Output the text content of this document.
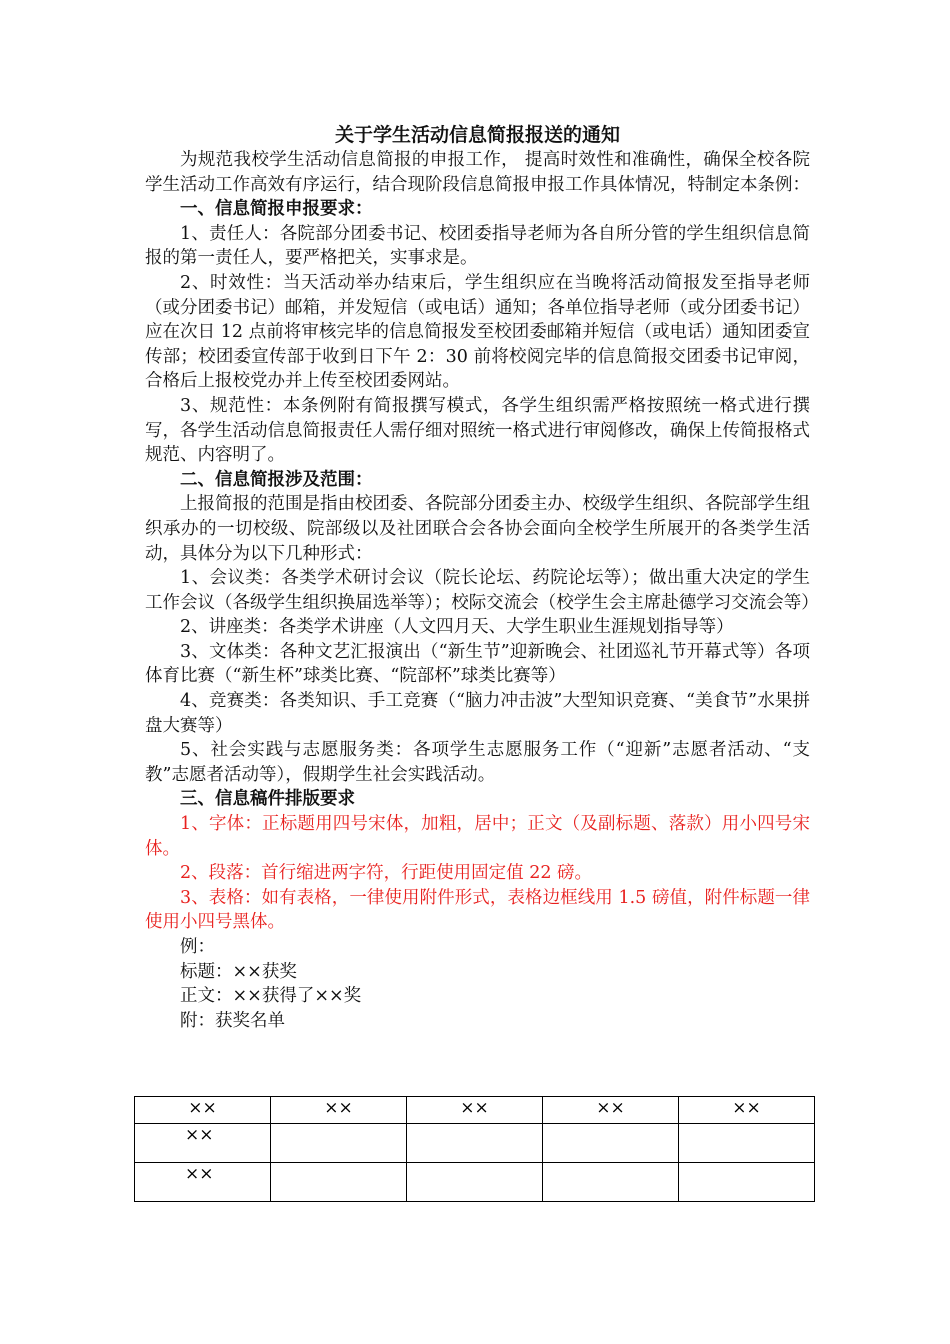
关于学生活动信息简报报送的通知

为规范我校学生活动信息简报的申报工作， 提高时效性和准确性，确保全校各院学生活动工作高效有序运行，结合现阶段信息简报申报工作具体情况，特制定本条例：

一、信息简报申报要求：

1、责任人：各院部分团委书记、校团委指导老师为各自所分管的学生组织信息简报的第一责任人，要严格把关，实事求是。

2、时效性：当天活动举办结束后，学生组织应在当晚将活动简报发至指导老师（或分团委书记）邮箱，并发短信（或电话）通知；各单位指导老师（或分团委书记）应在次日 12 点前将审核完毕的信息简报发至校团委邮箱并短信（或电话）通知团委宣传部；校团委宣传部于收到日下午 2：30 前将校阅完毕的信息简报交团委书记审阅，合格后上报校党办并上传至校团委网站。

3、规范性：本条例附有简报撰写模式，各学生组织需严格按照统一格式进行撰写，各学生活动信息简报责任人需仔细对照统一格式进行审阅修改，确保上传简报格式规范、内容明了。

二、信息简报涉及范围：

上报简报的范围是指由校团委、各院部分团委主办、校级学生组织、各院部学生组织承办的一切校级、院部级以及社团联合会各协会面向全校学生所展开的各类学生活动，具体分为以下几种形式：

1、会议类：各类学术研讨会议（院长论坛、药院论坛等）；做出重大决定的学生工作会议（各级学生组织换届选举等）；校际交流会（校学生会主席赴德学习交流会等）

2、讲座类：各类学术讲座（人文四月天、大学生职业生涯规划指导等）

3、文体类：各种文艺汇报演出（“新生节”迎新晚会、社团巡礼节开幕式等）各项体育比赛（“新生杯”球类比赛、“院部杯”球类比赛等）

4、竞赛类：各类知识、手工竞赛（“脑力冲击波”大型知识竞赛、“美食节”水果拼盘大赛等）

5、社会实践与志愿服务类：各项学生志愿服务工作（“迎新”志愿者活动、“支教”志愿者活动等），假期学生社会实践活动。

三、信息稿件排版要求

1、字体：正标题用四号宋体，加粗，居中；正文（及副标题、落款）用小四号宋体。

2、段落：首行缩进两字符，行距使用固定值 22 磅。

3、表格：如有表格，一律使用附件形式，表格边框线用 1.5 磅值，附件标题一律使用小四号黑体。

例：

标题：××获奖

正文：××获得了××奖

附：获奖名单

××	××	××	××	××
××				
××				
